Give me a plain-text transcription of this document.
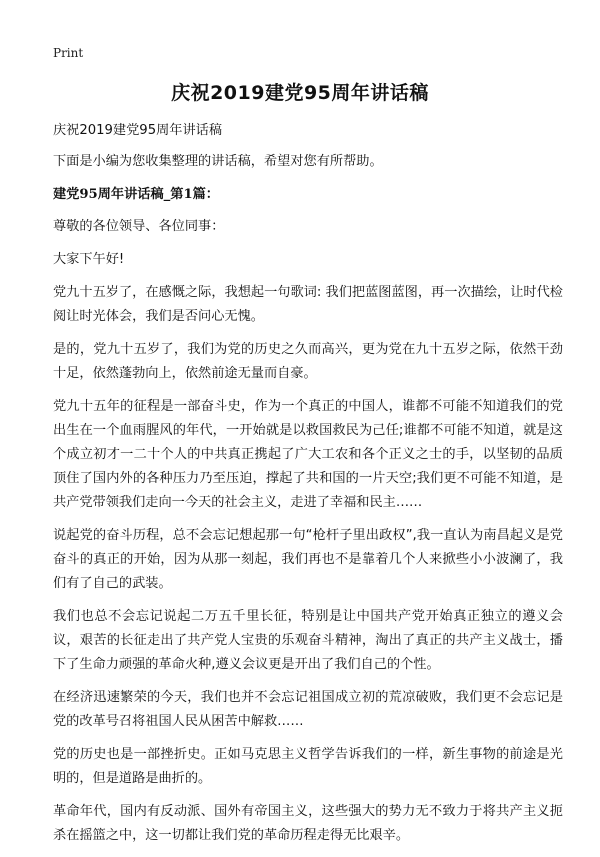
Print
庆祝2019建党95周年讲话稿

庆祝2019建党95周年讲话稿

下面是小编为您收集整理的讲话稿，希望对您有所帮助。

建党95周年讲话稿_第1篇：

尊敬的各位领导、各位同事：

大家下午好!

党九十五岁了，在感慨之际，我想起一句歌词: 我们把蓝图蓝图，再一次描绘，让时代检阅让时光体会，我们是否问心无愧。

是的，党九十五岁了，我们为党的历史之久而高兴，更为党在九十五岁之际，依然干劲十足，依然蓬勃向上，依然前途无量而自豪。

党九十五年的征程是一部奋斗史，作为一个真正的中国人，谁都不可能不知道我们的党出生在一个血雨腥风的年代，一开始就是以救国救民为己任;谁都不可能不知道，就是这个成立初才一二十个人的中共真正携起了广大工农和各个正义之士的手，以坚韧的品质顶住了国内外的各种压力乃至压迫，撑起了共和国的一片天空;我们更不可能不知道，是共产党带领我们走向一今天的社会主义，走进了幸福和民主……

说起党的奋斗历程，总不会忘记想起那一句“枪杆子里出政权”,我一直认为南昌起义是党奋斗的真正的开始，因为从那一刻起，我们再也不是靠着几个人来掀些小小波澜了，我们有了自己的武装。

我们也总不会忘记说起二万五千里长征，特别是让中国共产党开始真正独立的遵义会议，艰苦的长征走出了共产党人宝贵的乐观奋斗精神，淘出了真正的共产主义战士，播下了生命力顽强的革命火种,遵义会议更是开出了我们自己的个性。

在经济迅速繁荣的今天，我们也并不会忘记祖国成立初的荒凉破败，我们更不会忘记是党的改革号召将祖国人民从困苦中解救……

党的历史也是一部挫折史。正如马克思主义哲学告诉我们的一样，新生事物的前途是光明的，但是道路是曲折的。

革命年代，国内有反动派、国外有帝国主义，这些强大的势力无不致力于将共产主义扼杀在摇篮之中，这一切都让我们党的革命历程走得无比艰辛。
